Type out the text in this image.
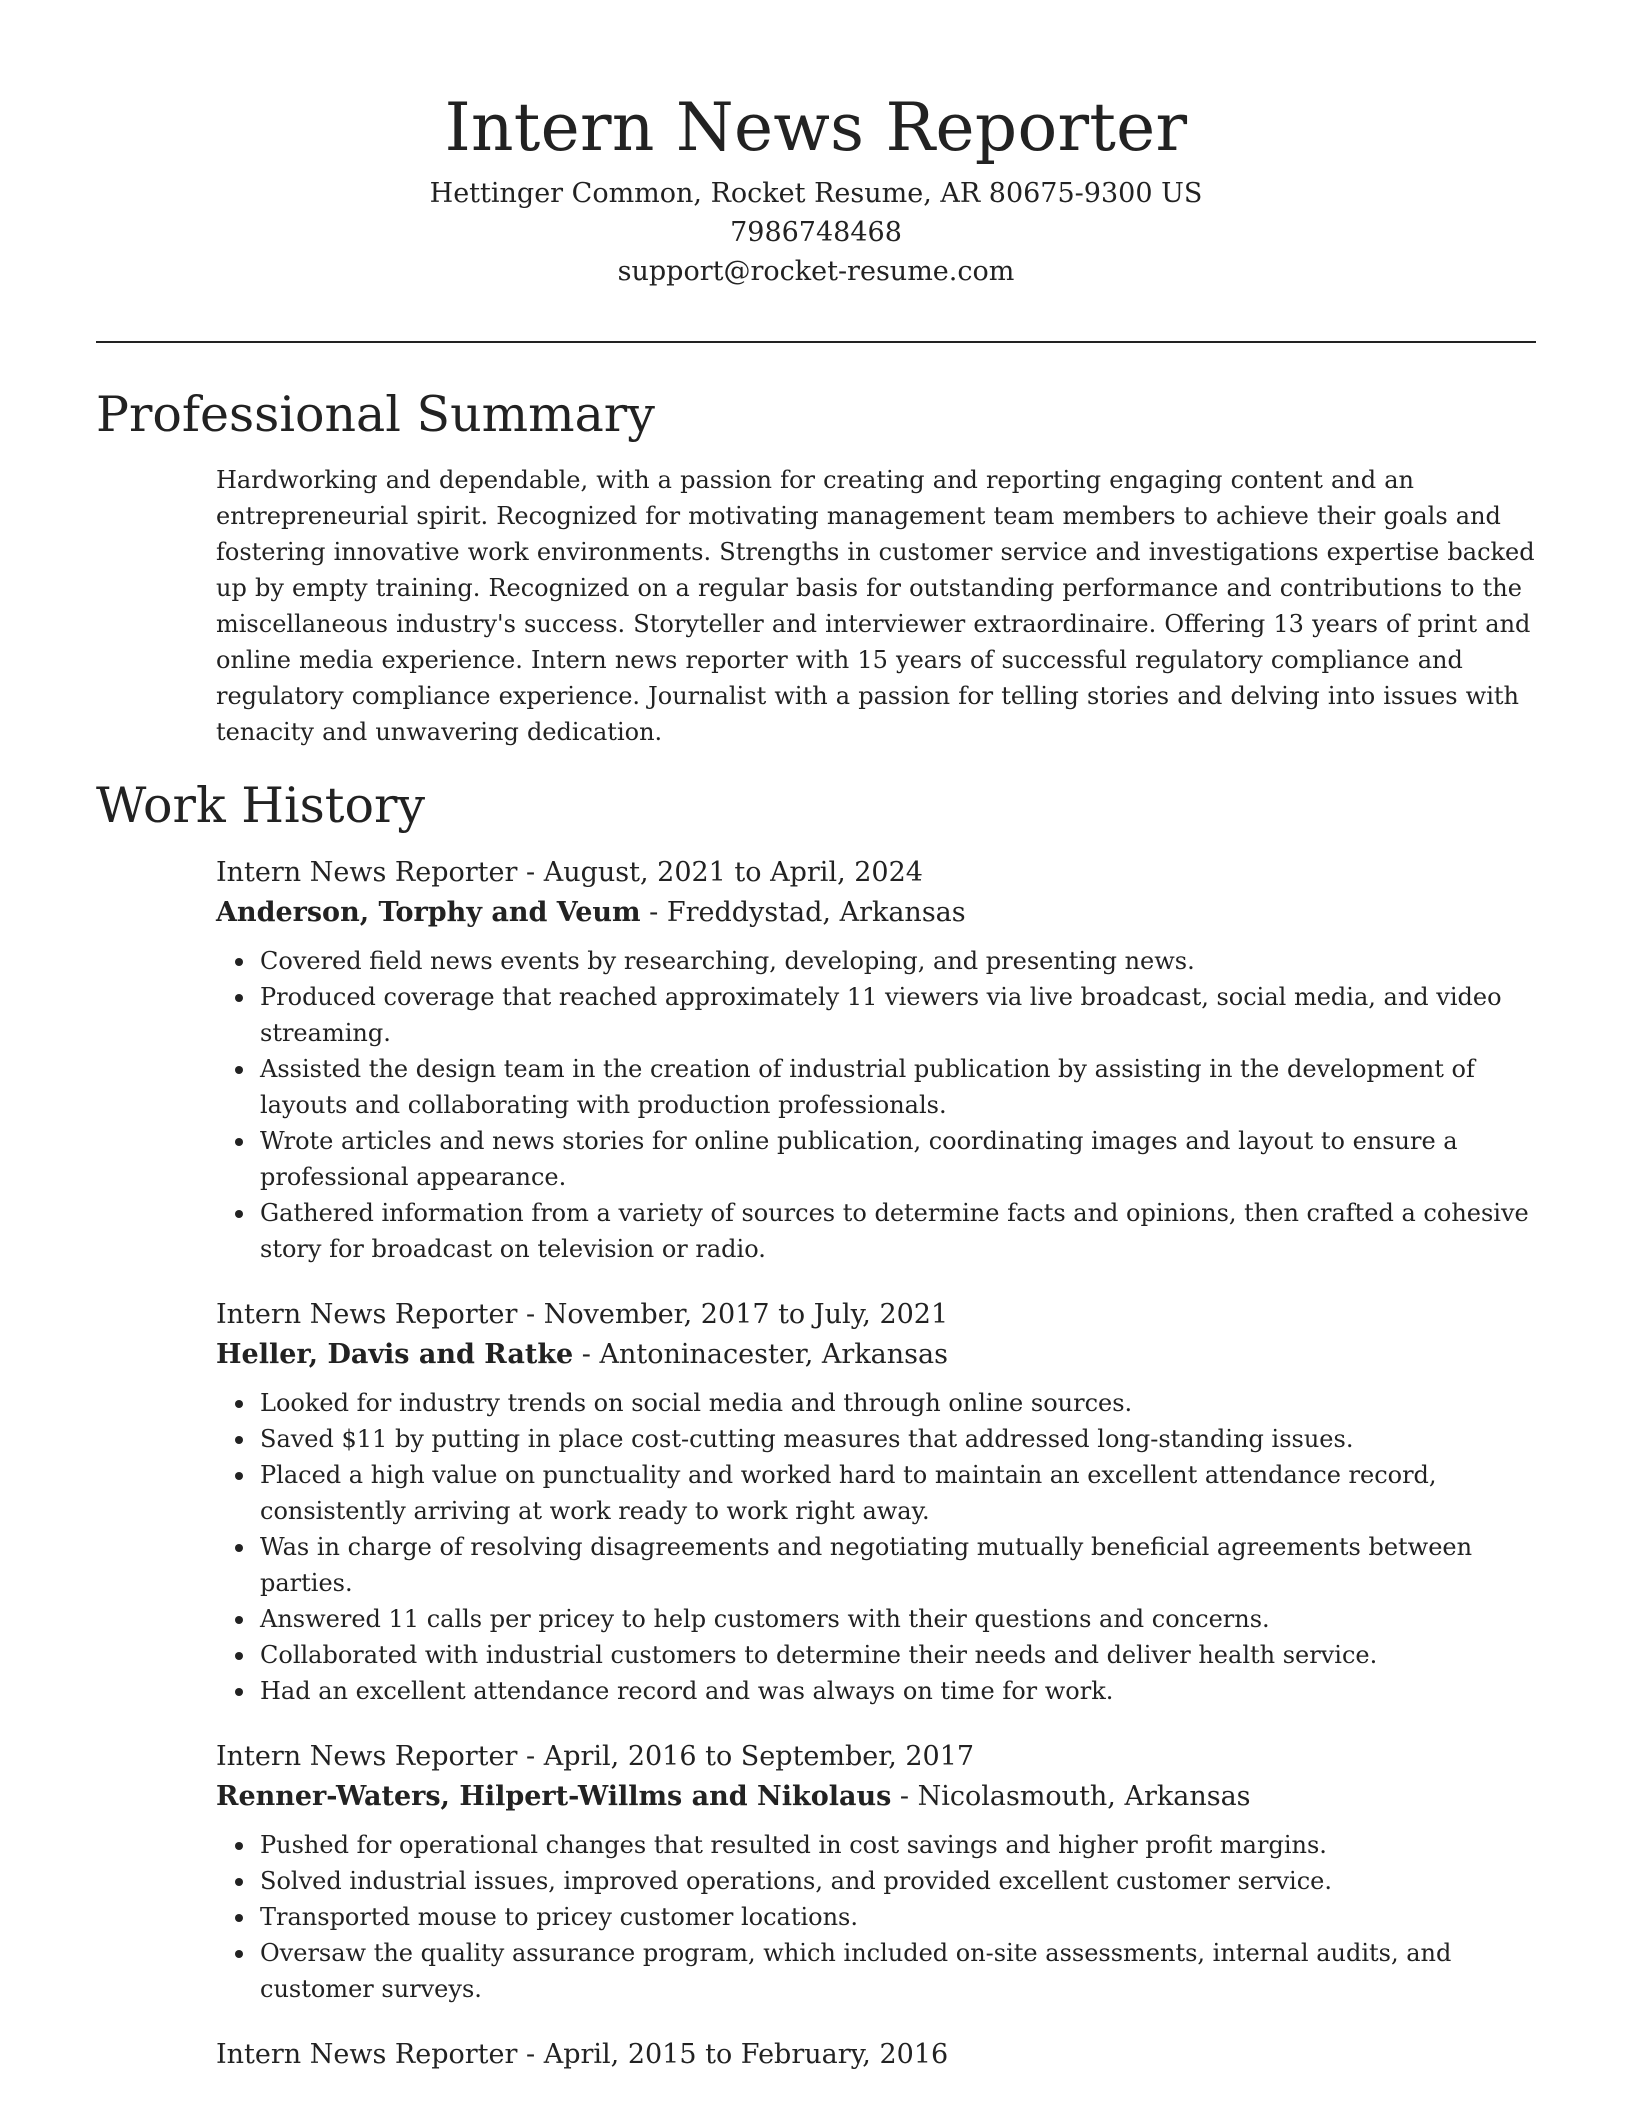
Intern News Reporter
Hettinger Common, Rocket Resume, AR 80675-9300 US
7986748468
support@rocket-resume.com
Professional Summary

Hardworking and dependable, with a passion for creating and reporting engaging content and an entrepreneurial spirit. Recognized for motivating management team members to achieve their goals and fostering innovative work environments. Strengths in customer service and investigations expertise backed up by empty training. Recognized on a regular basis for outstanding performance and contributions to the miscellaneous industry's success. Storyteller and interviewer extraordinaire. Offering 13 years of print and online media experience. Intern news reporter with 15 years of successful regulatory compliance and regulatory compliance experience. Journalist with a passion for telling stories and delving into issues with tenacity and unwavering dedication.

Work History

Intern News Reporter - August, 2021 to April, 2024

Anderson, Torphy and Veum - Freddystad, Arkansas

Covered field news events by researching, developing, and presenting news.
Produced coverage that reached approximately 11 viewers via live broadcast, social media, and video streaming.
Assisted the design team in the creation of industrial publication by assisting in the development of layouts and collaborating with production professionals.
Wrote articles and news stories for online publication, coordinating images and layout to ensure a professional appearance.
Gathered information from a variety of sources to determine facts and opinions, then crafted a cohesive story for broadcast on television or radio.

Intern News Reporter - November, 2017 to July, 2021

Heller, Davis and Ratke - Antoninacester, Arkansas

Looked for industry trends on social media and through online sources.
Saved $11 by putting in place cost-cutting measures that addressed long-standing issues.
Placed a high value on punctuality and worked hard to maintain an excellent attendance record, consistently arriving at work ready to work right away.
Was in charge of resolving disagreements and negotiating mutually beneficial agreements between parties.
Answered 11 calls per pricey to help customers with their questions and concerns.
Collaborated with industrial customers to determine their needs and deliver health service.
Had an excellent attendance record and was always on time for work.

Intern News Reporter - April, 2016 to September, 2017

Renner-Waters, Hilpert-Willms and Nikolaus - Nicolasmouth, Arkansas

Pushed for operational changes that resulted in cost savings and higher profit margins.
Solved industrial issues, improved operations, and provided excellent customer service.
Transported mouse to pricey customer locations.
Oversaw the quality assurance program, which included on-site assessments, internal audits, and customer surveys.

Intern News Reporter - April, 2015 to February, 2016
